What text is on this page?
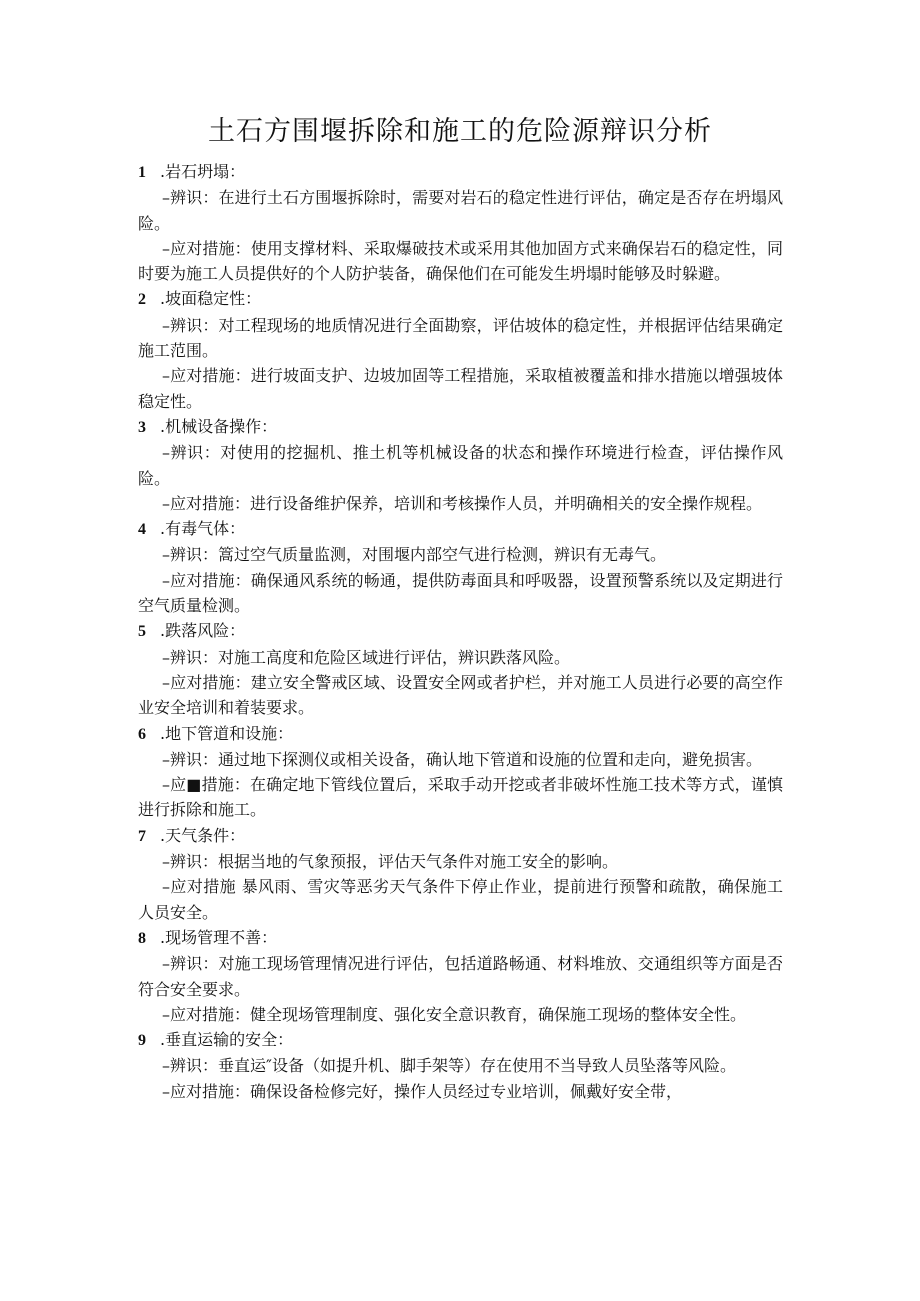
土石方围堰拆除和施工的危险源辩识分析
1 .岩石坍塌：

–辨识：在进行土石方围堰拆除时，需要对岩石的稳定性进行评估，确定是否存在坍塌风险。

–应对措施：使用支撑材料、采取爆破技术或采用其他加固方式来确保岩石的稳定性，同时要为施工人员提供好的个人防护装备，确保他们在可能发生坍塌时能够及时躲避。

2 .坡面稳定性：

–辨识：对工程现场的地质情况进行全面勘察，评估坡体的稳定性，并根据评估结果确定施工范围。

–应对措施：进行坡面支护、边坡加固等工程措施，采取植被覆盖和排水措施以增强坡体稳定性。

3 .机械设备操作：

–辨识：对使用的挖掘机、推土机等机械设备的状态和操作环境进行检查，评估操作风险。

–应对措施：进行设备维护保养，培训和考核操作人员，并明确相关的安全操作规程。

4 .有毒气体：

–辨识：篙过空气质量监测，对围堰内部空气进行检测，辨识有无毒气。

–应对措施：确保通风系统的畅通，提供防毒面具和呼吸器，设置预警系统以及定期进行空气质量检测。

5 .跌落风险：

–辨识：对施工高度和危险区域进行评估，辨识跌落风险。

–应对措施：建立安全警戒区域、设置安全网或者护栏，并对施工人员进行必要的高空作业安全培训和着装要求。

6 .地下管道和设施：

–辨识：通过地下探测仪或相关设备，确认地下管道和设施的位置和走向，避免损害。

–应■措施：在确定地下管线位置后，采取手动开挖或者非破坏性施工技术等方式，谨慎进行拆除和施工。

7 .天气条件：

–辨识：根据当地的气象预报，评估天气条件对施工安全的影响。

–应对措施 暴风雨、雪灾等恶劣天气条件下停止作业，提前进行预警和疏散，确保施工人员安全。

8 .现场管理不善：

–辨识：对施工现场管理情况进行评估，包括道路畅通、材料堆放、交通组织等方面是否符合安全要求。

–应对措施：健全现场管理制度、强化安全意识教育，确保施工现场的整体安全性。

9 .垂直运输的安全：

–辨识：垂直运″设备（如提升机、脚手架等）存在使用不当导致人员坠落等风险。

–应对措施：确保设备检修完好，操作人员经过专业培训，佩戴好安全带，
